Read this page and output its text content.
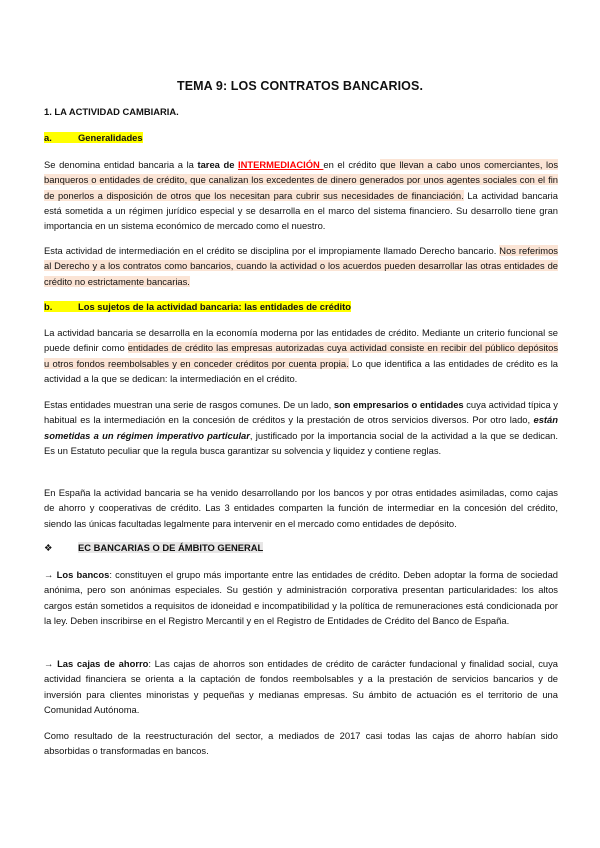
TEMA 9: LOS CONTRATOS BANCARIOS.
1. LA ACTIVIDAD CAMBIARIA.
a.	Generalidades
Se denomina entidad bancaria a la tarea de INTERMEDIACIÓN en el crédito que llevan a cabo unos comerciantes, los banqueros o entidades de crédito, que canalizan los excedentes de dinero generados por unos agentes sociales con el fin de ponerlos a disposición de otros que los necesitan para cubrir sus necesidades de financiación. La actividad bancaria está sometida a un régimen jurídico especial y se desarrolla en el marco del sistema financiero. Su desarrollo tiene gran importancia en un sistema económico de mercado como el nuestro.
Esta actividad de intermediación en el crédito se disciplina por el impropiamente llamado Derecho bancario. Nos referimos al Derecho y a los contratos como bancarios, cuando la actividad o los acuerdos pueden desarrollar las otras entidades de crédito no estrictamente bancarias.
b.	Los sujetos de la actividad bancaria: las entidades de crédito
La actividad bancaria se desarrolla en la economía moderna por las entidades de crédito. Mediante un criterio funcional se puede definir como entidades de crédito las empresas autorizadas cuya actividad consiste en recibir del público depósitos u otros fondos reembolsables y en conceder créditos por cuenta propia. Lo que identifica a las entidades de crédito es la actividad a la que se dedican: la intermediación en el crédito.
Estas entidades muestran una serie de rasgos comunes. De un lado, son empresarios o entidades cuya actividad típica y habitual es la intermediación en la concesión de créditos y la prestación de otros servicios diversos. Por otro lado, están sometidas a un régimen imperativo particular, justificado por la importancia social de la actividad a la que se dedican. Es un Estatuto peculiar que la regula busca garantizar su solvencia y liquidez y contiene reglas.
En España la actividad bancaria se ha venido desarrollando por los bancos y por otras entidades asimiladas, como cajas de ahorro y cooperativas de crédito. Las 3 entidades comparten la función de intermediar en la concesión del crédito, siendo las únicas facultadas legalmente para intervenir en el mercado como entidades de depósito.
❖	EC BANCARIAS O DE ÁMBITO GENERAL
→ Los bancos: constituyen el grupo más importante entre las entidades de crédito. Deben adoptar la forma de sociedad anónima, pero son anónimas especiales. Su gestión y administración corporativa presentan particularidades: los altos cargos están sometidos a requisitos de idoneidad e incompatibilidad y la política de remuneraciones está condicionada por la ley. Deben inscribirse en el Registro Mercantil y en el Registro de Entidades de Crédito del Banco de España.
→ Las cajas de ahorro: Las cajas de ahorros son entidades de crédito de carácter fundacional y finalidad social, cuya actividad financiera se orienta a la captación de fondos reembolsables y a la prestación de servicios bancarios y de inversión para clientes minoristas y pequeñas y medianas empresas. Su ámbito de actuación es el territorio de una Comunidad Autónoma.
Como resultado de la reestructuración del sector, a mediados de 2017 casi todas las cajas de ahorro habían sido absorbidas o transformadas en bancos.
